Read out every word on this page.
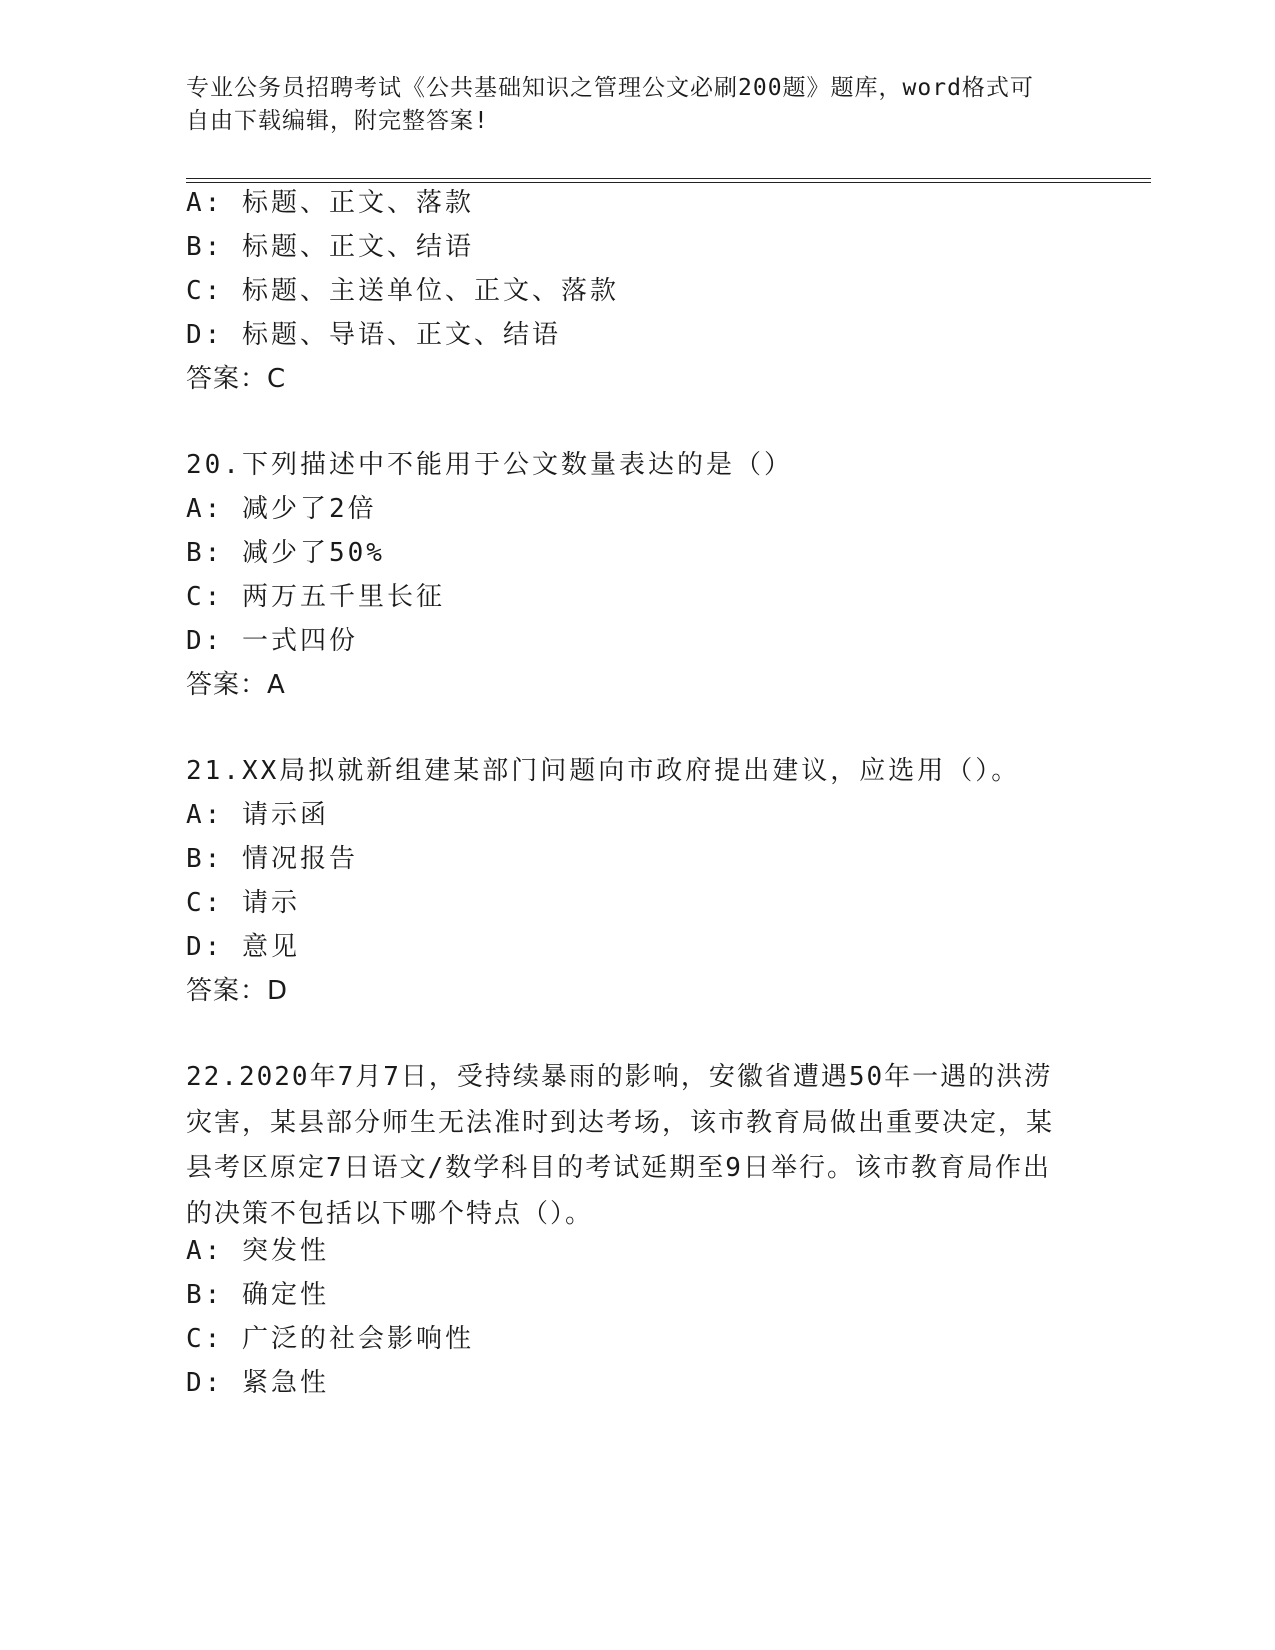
专业公务员招聘考试《公共基础知识之管理公文必刷200题》题库，word格式可
自由下载编辑，附完整答案!
A: 标题、正文、落款
B: 标题、正文、结语
C: 标题、主送单位、正文、落款
D: 标题、导语、正文、结语
答案：C
20.下列描述中不能用于公文数量表达的是（）
A: 减少了2倍
B: 减少了50%
C: 两万五千里长征
D: 一式四份
答案：A
21.XX局拟就新组建某部门问题向市政府提出建议，应选用（）。
A: 请示函
B: 情况报告
C: 请示
D: 意见
答案：D
22.2020年7月7日，受持续暴雨的影响，安徽省遭遇50年一遇的洪涝灾害，某县部分师生无法准时到达考场，该市教育局做出重要决定，某县考区原定7日语文/数学科目的考试延期至9日举行。该市教育局作出的决策不包括以下哪个特点（）。
A: 突发性
B: 确定性
C: 广泛的社会影响性
D: 紧急性
